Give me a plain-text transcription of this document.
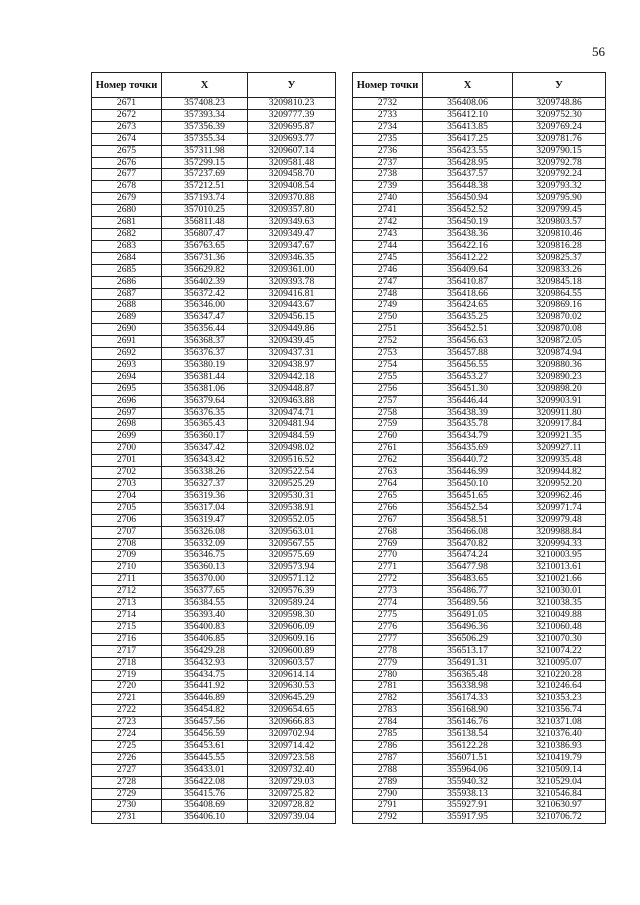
56
Номер точки	X	У
2671	357408.23	3209810.23
2672	357393.34	3209777.39
2673	357356.39	3209695.87
2674	357355.34	3209693.77
2675	357311.98	3209607.14
2676	357299.15	3209581.48
2677	357237.69	3209458.70
2678	357212.51	3209408.54
2679	357193.74	3209370.88
2680	357010.25	3209357.80
2681	356811.48	3209349.63
2682	356807.47	3209349.47
2683	356763.65	3209347.67
2684	356731.36	3209346.35
2685	356629.82	3209361.00
2686	356402.39	3209393.78
2687	356372.42	3209416.81
2688	356346.00	3209443.67
2689	356347.47	3209456.15
2690	356356.44	3209449.86
2691	356368.37	3209439.45
2692	356376.37	3209437.31
2693	356380.19	3209438.97
2694	356381.44	3209442.18
2695	356381.06	3209448.87
2696	356379.64	3209463.88
2697	356376.35	3209474.71
2698	356365.43	3209481.94
2699	356360.17	3209484.59
2700	356347.42	3209498.02
2701	356343.42	3209516.52
2702	356338.26	3209522.54
2703	356327.37	3209525.29
2704	356319.36	3209530.31
2705	356317.04	3209538.91
2706	356319.47	3209552.05
2707	356326.08	3209563.01
2708	356332.09	3209567.55
2709	356346.75	3209575.69
2710	356360.13	3209573.94
2711	356370.00	3209571.12
2712	356377.65	3209576.39
2713	356384.55	3209589.24
2714	356393.40	3209598.30
2715	356400.83	3209606.09
2716	356406.85	3209609.16
2717	356429.28	3209600.89
2718	356432.93	3209603.57
2719	356434.75	3209614.14
2720	356441.92	3209630.53
2721	356446.89	3209645.29
2722	356454.82	3209654.65
2723	356457.56	3209666.83
2724	356456.59	3209702.94
2725	356453.61	3209714.42
2726	356445.55	3209723.58
2727	356433.01	3209732.40
2728	356422.08	3209729.03
2729	356415.76	3209725.82
2730	356408.69	3209728.82
2731	356406.10	3209739.04
Номер точки	X	У
2732	356408.06	3209748.86
2733	356412.10	3209752.30
2734	356413.85	3209769.24
2735	356417.25	3209781.76
2736	356423.55	3209790.15
2737	356428.95	3209792.78
2738	356437.57	3209792.24
2739	356448.38	3209793.32
2740	356450.94	3209795.90
2741	356452.52	3209799.45
2742	356450.19	3209803.57
2743	356438.36	3209810.46
2744	356422.16	3209816.28
2745	356412.22	3209825.37
2746	356409.64	3209833.26
2747	356410.87	3209845.18
2748	356418.66	3209864.55
2749	356424.65	3209869.16
2750	356435.25	3209870.02
2751	356452.51	3209870.08
2752	356456.63	3209872.05
2753	356457.88	3209874.94
2754	356456.55	3209880.36
2755	356453.27	3209890.23
2756	356451.30	3209898.20
2757	356446.44	3209903.91
2758	356438.39	3209911.80
2759	356435.78	3209917.84
2760	356434.79	3209921.35
2761	356435.69	3209927.11
2762	356440.72	3209935.48
2763	356446.99	3209944.82
2764	356450.10	3209952.20
2765	356451.65	3209962.46
2766	356452.54	3209971.74
2767	356458.51	3209979.48
2768	356466.08	3209988.84
2769	356470.82	3209994.33
2770	356474.24	3210003.95
2771	356477.98	3210013.61
2772	356483.65	3210021.66
2773	356486.77	3210030.01
2774	356489.56	3210038.35
2775	356491.05	3210049.88
2776	356496.36	3210060.48
2777	356506.29	3210070.30
2778	356513.17	3210074.22
2779	356491.31	3210095.07
2780	356365.48	3210220.28
2781	356338.98	3210246.64
2782	356174.33	3210353.23
2783	356168.90	3210356.74
2784	356146.76	3210371.08
2785	356138.54	3210376.40
2786	356122.28	3210386.93
2787	356071.51	3210419.79
2788	355964.06	3210509.14
2789	355940.32	3210529.04
2790	355938.13	3210546.84
2791	355927.91	3210630.97
2792	355917.95	3210706.72
